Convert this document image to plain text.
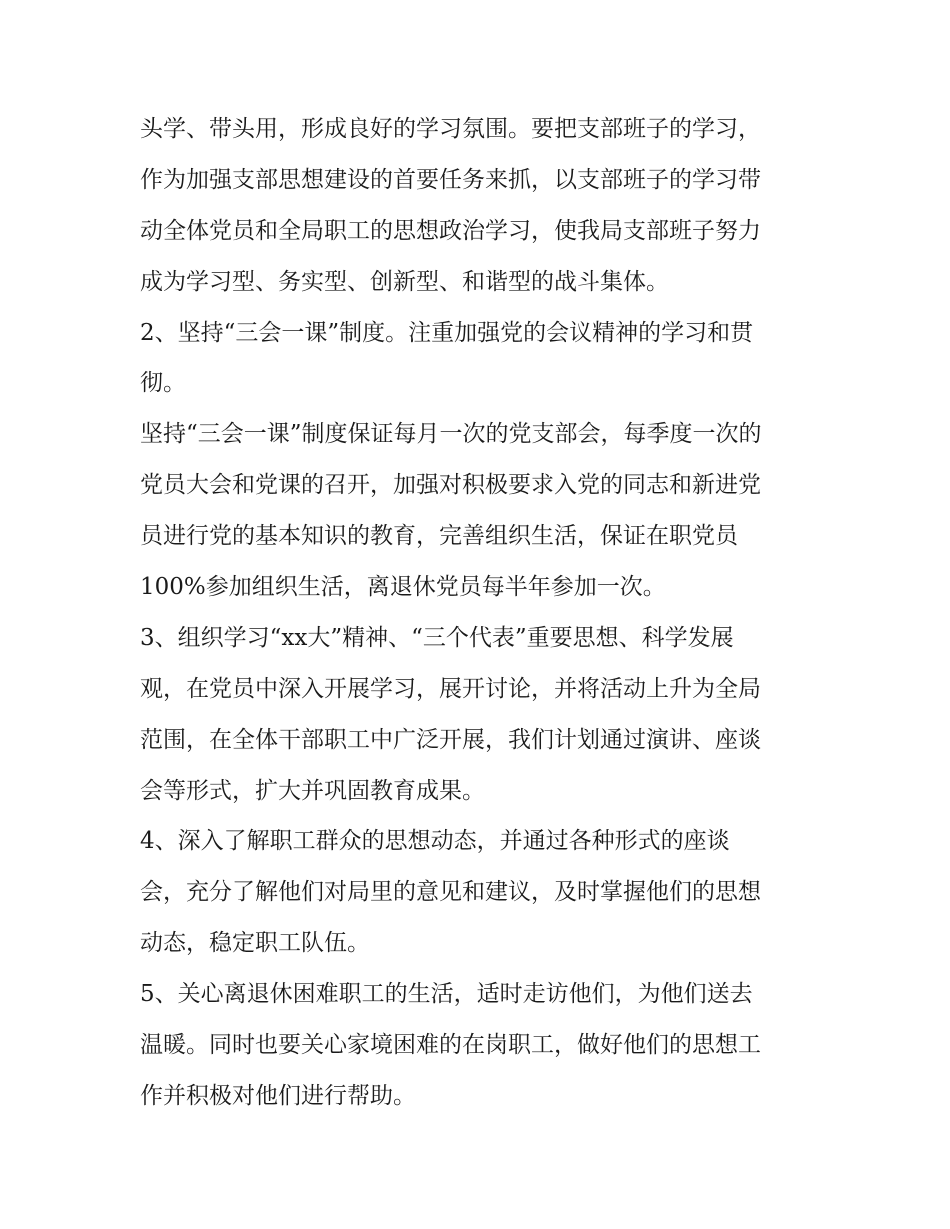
头学、带头用，形成良好的学习氛围。要把支部班子的学习，
作为加强支部思想建设的首要任务来抓，以支部班子的学习带
动全体党员和全局职工的思想政治学习，使我局支部班子努力
成为学习型、务实型、创新型、和谐型的战斗集体。
2、坚持“三会一课”制度。注重加强党的会议精神的学习和贯
彻。
坚持“三会一课”制度保证每月一次的党支部会，每季度一次的
党员大会和党课的召开，加强对积极要求入党的同志和新进党
员进行党的基本知识的教育，完善组织生活，保证在职党员
100%参加组织生活，离退休党员每半年参加一次。
3、组织学习“xx大”精神、“三个代表”重要思想、科学发展
观，在党员中深入开展学习，展开讨论，并将活动上升为全局
范围，在全体干部职工中广泛开展，我们计划通过演讲、座谈
会等形式，扩大并巩固教育成果。
4、深入了解职工群众的思想动态，并通过各种形式的座谈
会，充分了解他们对局里的意见和建议，及时掌握他们的思想
动态，稳定职工队伍。
5、关心离退休困难职工的生活，适时走访他们，为他们送去
温暖。同时也要关心家境困难的在岗职工，做好他们的思想工
作并积极对他们进行帮助。
